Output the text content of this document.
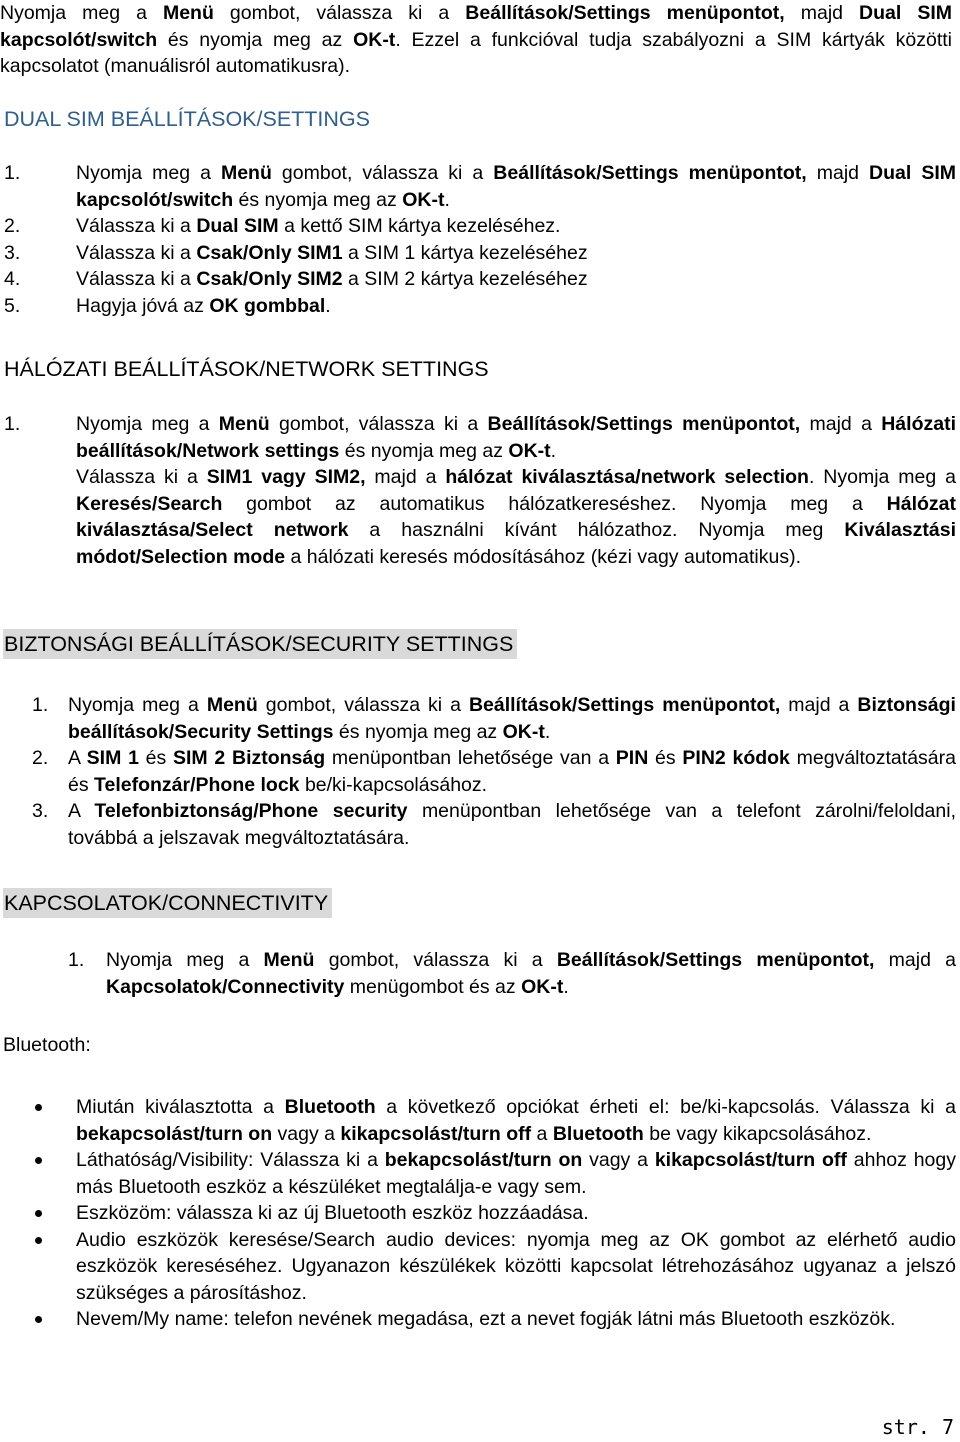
Nyomja meg a Menü gombot, válassza ki a Beállítások/Settings menüpontot, majd Dual SIM kapcsolót/switch és nyomja meg az OK-t. Ezzel a funkcióval tudja szabályozni a SIM kártyák közötti kapcsolatot (manuálisról automatikusra).

DUAL SIM BEÁLLÍTÁSOK/SETTINGS
1.	Nyomja meg a Menü gombot, válassza ki a Beállítások/Settings menüpontot, majd Dual SIM kapcsolót/switch és nyomja meg az OK-t.
2.	Válassza ki a Dual SIM a kettő SIM kártya kezeléséhez.
3.	Válassza ki a Csak/Only SIM1 a SIM 1 kártya kezeléséhez
4.	Válassza ki a Csak/Only SIM2 a SIM 2 kártya kezeléséhez
5.	Hagyja jóvá az OK gombbal.
HÁLÓZATI BEÁLLÍTÁSOK/NETWORK SETTINGS
1.	Nyomja meg a Menü gombot, válassza ki a Beállítások/Settings menüpontot, majd a Hálózati beállítások/Network settings és nyomja meg az OK-t.
Válassza ki a SIM1 vagy SIM2, majd a hálózat kiválasztása/network selection. Nyomja meg a Keresés/Search gombot az automatikus hálózatkereséshez. Nyomja meg a Hálózat kiválasztása/Select network a használni kívánt hálózathoz. Nyomja meg Kiválasztási módot/Selection mode a hálózati keresés módosításához (kézi vagy automatikus).
BIZTONSÁGI BEÁLLÍTÁSOK/SECURITY SETTINGS
1. Nyomja meg a Menü gombot, válassza ki a Beállítások/Settings menüpontot, majd a Biztonsági beállítások/Security Settings és nyomja meg az OK-t.
2. A SIM 1 és SIM 2 Biztonság menüpontban lehetősége van a PIN és PIN2 kódok megváltoztatására és Telefonzár/Phone lock be/ki-kapcsolásához.
3. A Telefonbiztonság/Phone security menüpontban lehetősége van a telefont zárolni/feloldani, továbbá a jelszavak megváltoztatására.
KAPCSOLATOK/CONNECTIVITY
1. Nyomja meg a Menü gombot, válassza ki a Beállítások/Settings menüpontot, majd a Kapcsolatok/Connectivity menügombot és az OK-t.
Bluetooth:
Miután kiválasztotta a Bluetooth a következő opciókat érheti el: be/ki-kapcsolás. Válassza ki a bekapcsolást/turn on vagy a kikapcsolást/turn off a Bluetooth be vagy kikapcsolásához.
Láthatóság/Visibility: Válassza ki a bekapcsolást/turn on vagy a kikapcsolást/turn off ahhoz hogy más Bluetooth eszköz a készüléket megtalálja-e vagy sem.
Eszközöm: válassza ki az új Bluetooth eszköz hozzáadása.
Audio eszközök keresése/Search audio devices: nyomja meg az OK gombot az elérhető audio eszközök kereséséhez. Ugyanazon készülékek közötti kapcsolat létrehozásához ugyanaz a jelszó szükséges a párosításhoz.
Nevem/My name: telefon nevének megadása, ezt a nevet fogják látni más Bluetooth eszközök.
str. 7
